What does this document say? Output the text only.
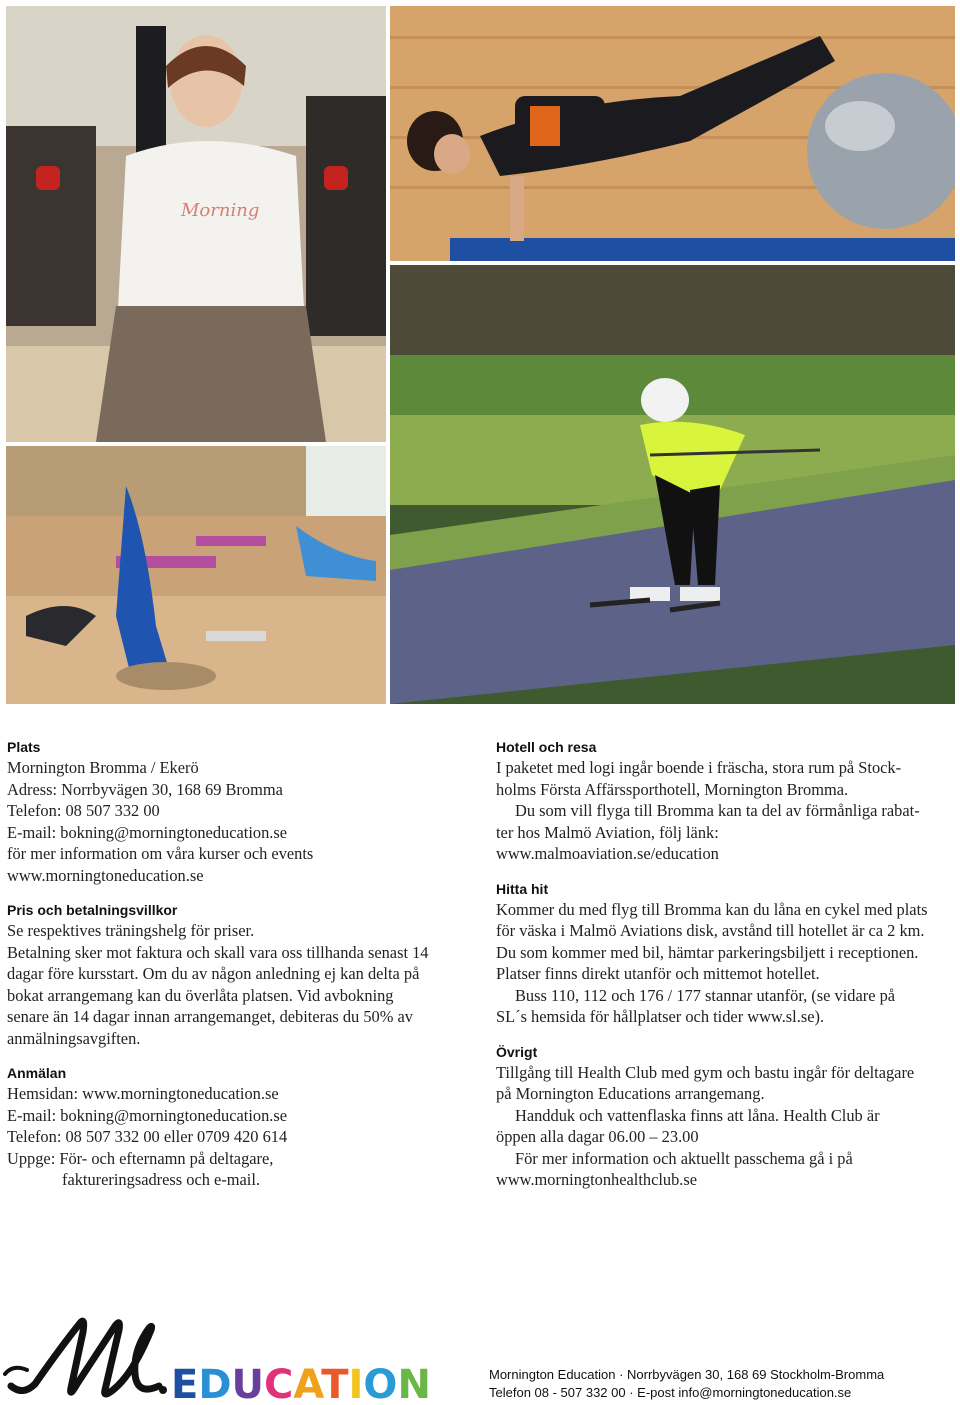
Morning

Plats

Mornington Bromma / Ekerö

Adress: Norrbyvägen 30, 168 69 Bromma

Telefon: 08 507 332 00

E-mail: bokning@morningtoneducation.se

för mer information om våra kurser och events

www.morningtoneducation.se

Pris och betalningsvillkor

Se respektives träningshelg för priser.

Betalning sker mot faktura och skall vara oss tillhanda senast 14

dagar före kursstart. Om du av någon anledning ej kan delta på

bokat arrangemang kan du överlåta platsen. Vid avbokning

senare än 14 dagar innan arrangemanget, debiteras du 50% av

anmälningsavgiften.

Anmälan

Hemsidan: www.morningtoneducation.se

E-mail: bokning@morningtoneducation.se

Telefon: 08 507 332 00 eller 0709 420 614

Uppge: För- och efternamn på deltagare,

faktureringsadress och e-mail.

Hotell och resa

I paketet med logi ingår boende i fräscha, stora rum på Stock-

holms Första Affärssporthotell, Mornington Bromma.

Du som vill flyga till Bromma kan ta del av förmånliga rabat-

ter hos Malmö Aviation, följ länk:

www.malmoaviation.se/education

Hitta hit

Kommer du med flyg till Bromma kan du låna en cykel med plats

för väska i Malmö Aviations disk, avstånd till hotellet är ca 2 km.

Du som kommer med bil, hämtar parkeringsbiljett i receptionen.

Platser finns direkt utanför och mittemot hotellet.

Buss 110, 112 och 176 / 177 stannar utanför, (se vidare på

SL´s hemsida för hållplatser och tider www.sl.se).

Övrigt

Tillgång till Health Club med gym och bastu ingår för deltagare

på Mornington Educations arrangemang.

Handduk och vattenflaska finns att låna. Health Club är

öppen alla dagar 06.00 – 23.00

För mer information och aktuellt passchema gå i på

www.morningtonhealthclub.se

EDUCATION	Mornington Education · Norrbyvägen 30, 168 69 Stockholm-Bromma
Telefon 08 - 507 332 00 · E-post info@morningtoneducation.se
